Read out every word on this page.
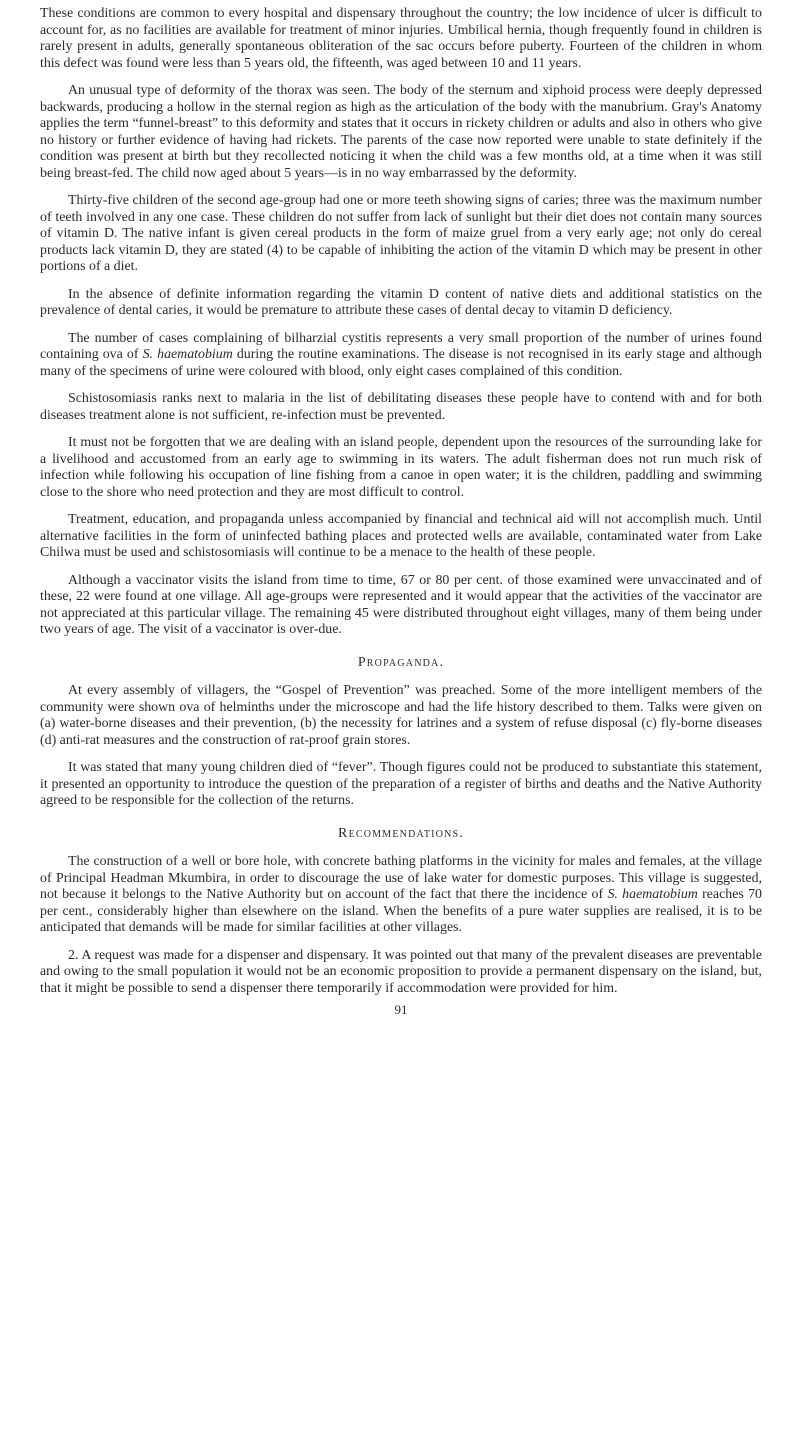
These conditions are common to every hospital and dispensary throughout the country; the low incidence of ulcer is difficult to account for, as no facilities are available for treatment of minor injuries. Umbilical hernia, though frequently found in children is rarely present in adults, generally spontaneous obliteration of the sac occurs before puberty. Fourteen of the children in whom this defect was found were less than 5 years old, the fifteenth, was aged between 10 and 11 years.

An unusual type of deformity of the thorax was seen. The body of the sternum and xiphoid process were deeply depressed backwards, producing a hollow in the sternal region as high as the articulation of the body with the manubrium. Gray's Anatomy applies the term “funnel-breast” to this deformity and states that it occurs in rickety children or adults and also in others who give no history or further evidence of having had rickets. The parents of the case now reported were unable to state definitely if the condition was present at birth but they recollected noticing it when the child was a few months old, at a time when it was still being breast-fed. The child now aged about 5 years—is in no way embarrassed by the deformity.

Thirty-five children of the second age-group had one or more teeth showing signs of caries; three was the maximum number of teeth involved in any one case. These children do not suffer from lack of sunlight but their diet does not contain many sources of vitamin D. The native infant is given cereal products in the form of maize gruel from a very early age; not only do cereal products lack vitamin D, they are stated (4) to be capable of inhibiting the action of the vitamin D which may be present in other portions of a diet.

In the absence of definite information regarding the vitamin D content of native diets and additional statistics on the prevalence of dental caries, it would be premature to attribute these cases of dental decay to vitamin D deficiency.

The number of cases complaining of bilharzial cystitis represents a very small proportion of the number of urines found containing ova of S. haematobium during the routine examinations. The disease is not recognised in its early stage and although many of the specimens of urine were coloured with blood, only eight cases complained of this condition.

Schistosomiasis ranks next to malaria in the list of debilitating diseases these people have to contend with and for both diseases treatment alone is not sufficient, re-infection must be prevented.

It must not be forgotten that we are dealing with an island people, dependent upon the resources of the surrounding lake for a livelihood and accustomed from an early age to swimming in its waters. The adult fisherman does not run much risk of infection while following his occupation of line fishing from a canoe in open water; it is the children, paddling and swimming close to the shore who need protection and they are most difficult to control.

Treatment, education, and propaganda unless accompanied by financial and technical aid will not accomplish much. Until alternative facilities in the form of uninfected bathing places and protected wells are available, contaminated water from Lake Chilwa must be used and schistosomiasis will continue to be a menace to the health of these people.

Although a vaccinator visits the island from time to time, 67 or 80 per cent. of those examined were unvaccinated and of these, 22 were found at one village. All age-groups were represented and it would appear that the activities of the vaccinator are not appreciated at this particular village. The remaining 45 were distributed throughout eight villages, many of them being under two years of age. The visit of a vaccinator is over-due.

Propaganda.

At every assembly of villagers, the “Gospel of Prevention” was preached. Some of the more intelligent members of the community were shown ova of helminths under the microscope and had the life history described to them. Talks were given on (a) water-borne diseases and their prevention, (b) the necessity for latrines and a system of refuse disposal (c) fly-borne diseases (d) anti-rat measures and the construction of rat-proof grain stores.

It was stated that many young children died of “fever”. Though figures could not be produced to substantiate this statement, it presented an opportunity to introduce the question of the preparation of a register of births and deaths and the Native Authority agreed to be responsible for the collection of the returns.

Recommendations.

The construction of a well or bore hole, with concrete bathing platforms in the vicinity for males and females, at the village of Principal Headman Mkumbira, in order to discourage the use of lake water for domestic purposes. This village is suggested, not because it belongs to the Native Authority but on account of the fact that there the incidence of S. haematobium reaches 70 per cent., considerably higher than elsewhere on the island. When the benefits of a pure water supplies are realised, it is to be anticipated that demands will be made for similar facilities at other villages.

2. A request was made for a dispenser and dispensary. It was pointed out that many of the prevalent diseases are preventable and owing to the small population it would not be an economic proposition to provide a permanent dispensary on the island, but, that it might be possible to send a dispenser there temporarily if accommodation were provided for him.

91
